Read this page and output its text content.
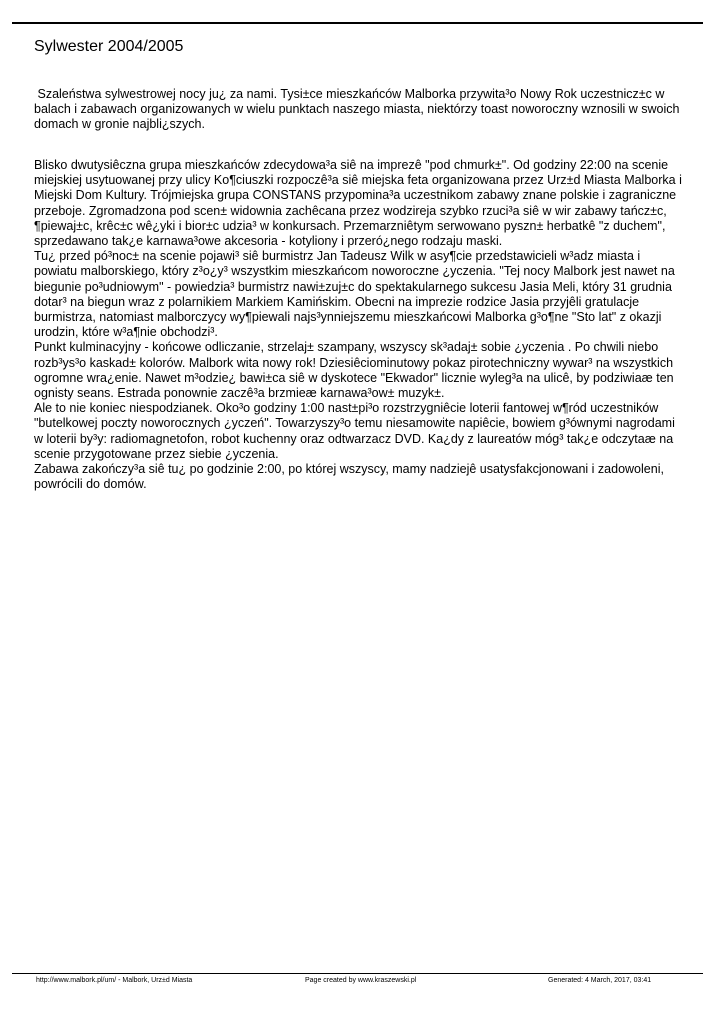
Sylwester 2004/2005

Szaleństwa sylwestrowej nocy ju¿ za nami. Tysi±ce mieszkańców Malborka przywita³o Nowy Rok uczestnicz±c w balach i zabawach organizowanych w wielu punktach naszego miasta, niektórzy toast noworoczny wznosili w swoich domach w gronie najbli¿szych.

Blisko dwutysiêczna grupa mieszkańców zdecydowa³a siê na imprezê "pod chmurk±". Od godziny 22:00 na scenie miejskiej usytuowanej przy ulicy Ko¶ciuszki rozpoczê³a siê miejska feta organizowana przez Urz±d Miasta Malborka i Miejski Dom Kultury. Trójmiejska grupa CONSTANS przypomina³a uczestnikom zabawy znane polskie i zagraniczne przeboje. Zgromadzona pod scen± widownia zachêcana przez wodzireja szybko rzuci³a siê w wir zabawy tańcz±c, ¶piewaj±c, krêc±c wê¿yki i bior±c udzia³ w konkursach. Przemarzniêtym serwowano pyszn± herbatkê "z duchem", sprzedawano tak¿e karnawa³owe akcesoria - kotyliony i przeró¿nego rodzaju maski.

Tu¿ przed pó³noc± na scenie pojawi³ siê burmistrz Jan Tadeusz Wilk w asy¶cie przedstawicieli w³adz miasta i powiatu malborskiego, który z³o¿y³ wszystkim mieszkańcom noworoczne ¿yczenia. "Tej nocy Malbork jest nawet na biegunie po³udniowym" - powiedzia³ burmistrz nawi±zuj±c do spektakularnego sukcesu Jasia Meli, który 31 grudnia dotar³ na biegun wraz z polarnikiem Markiem Kamińskim. Obecni na imprezie rodzice Jasia przyjêli gratulacje burmistrza, natomiast malborczycy wy¶piewali najs³ynniejszemu mieszkańcowi Malborka g³o¶ne "Sto lat" z okazji urodzin, które w³a¶nie obchodzi³.

Punkt kulminacyjny - końcowe odliczanie, strzelaj± szampany, wszyscy sk³adaj± sobie ¿yczenia . Po chwili niebo rozb³ys³o kaskad± kolorów. Malbork wita nowy rok! Dziesiêciominutowy pokaz pirotechniczny wywar³ na wszystkich ogromne wra¿enie. Nawet m³odzie¿ bawi±ca siê w dyskotece "Ekwador" licznie wyleg³a na ulicê, by podziwiaæ ten ognisty seans. Estrada ponownie zaczê³a brzmieæ karnawa³ow± muzyk±.

Ale to nie koniec niespodzianek. Oko³o godziny 1:00 nast±pi³o rozstrzygniêcie loterii fantowej w¶ród uczestników "butelkowej poczty noworocznych ¿yczeń". Towarzyszy³o temu niesamowite napiêcie, bowiem g³ównymi nagrodami w loterii by³y: radiomagnetofon, robot kuchenny oraz odtwarzacz DVD. Ka¿dy z laureatów móg³ tak¿e odczytaæ na scenie przygotowane przez siebie ¿yczenia.

Zabawa zakończy³a siê tu¿ po godzinie 2:00, po której wszyscy, mamy nadziejê usatysfakcjonowani i zadowoleni, powrócili do domów.

http://www.malbork.pl/um/ - Malbork, Urz±d Miasta	Page created by www.kraszewski.pl	Generated: 4 March, 2017, 03:41
